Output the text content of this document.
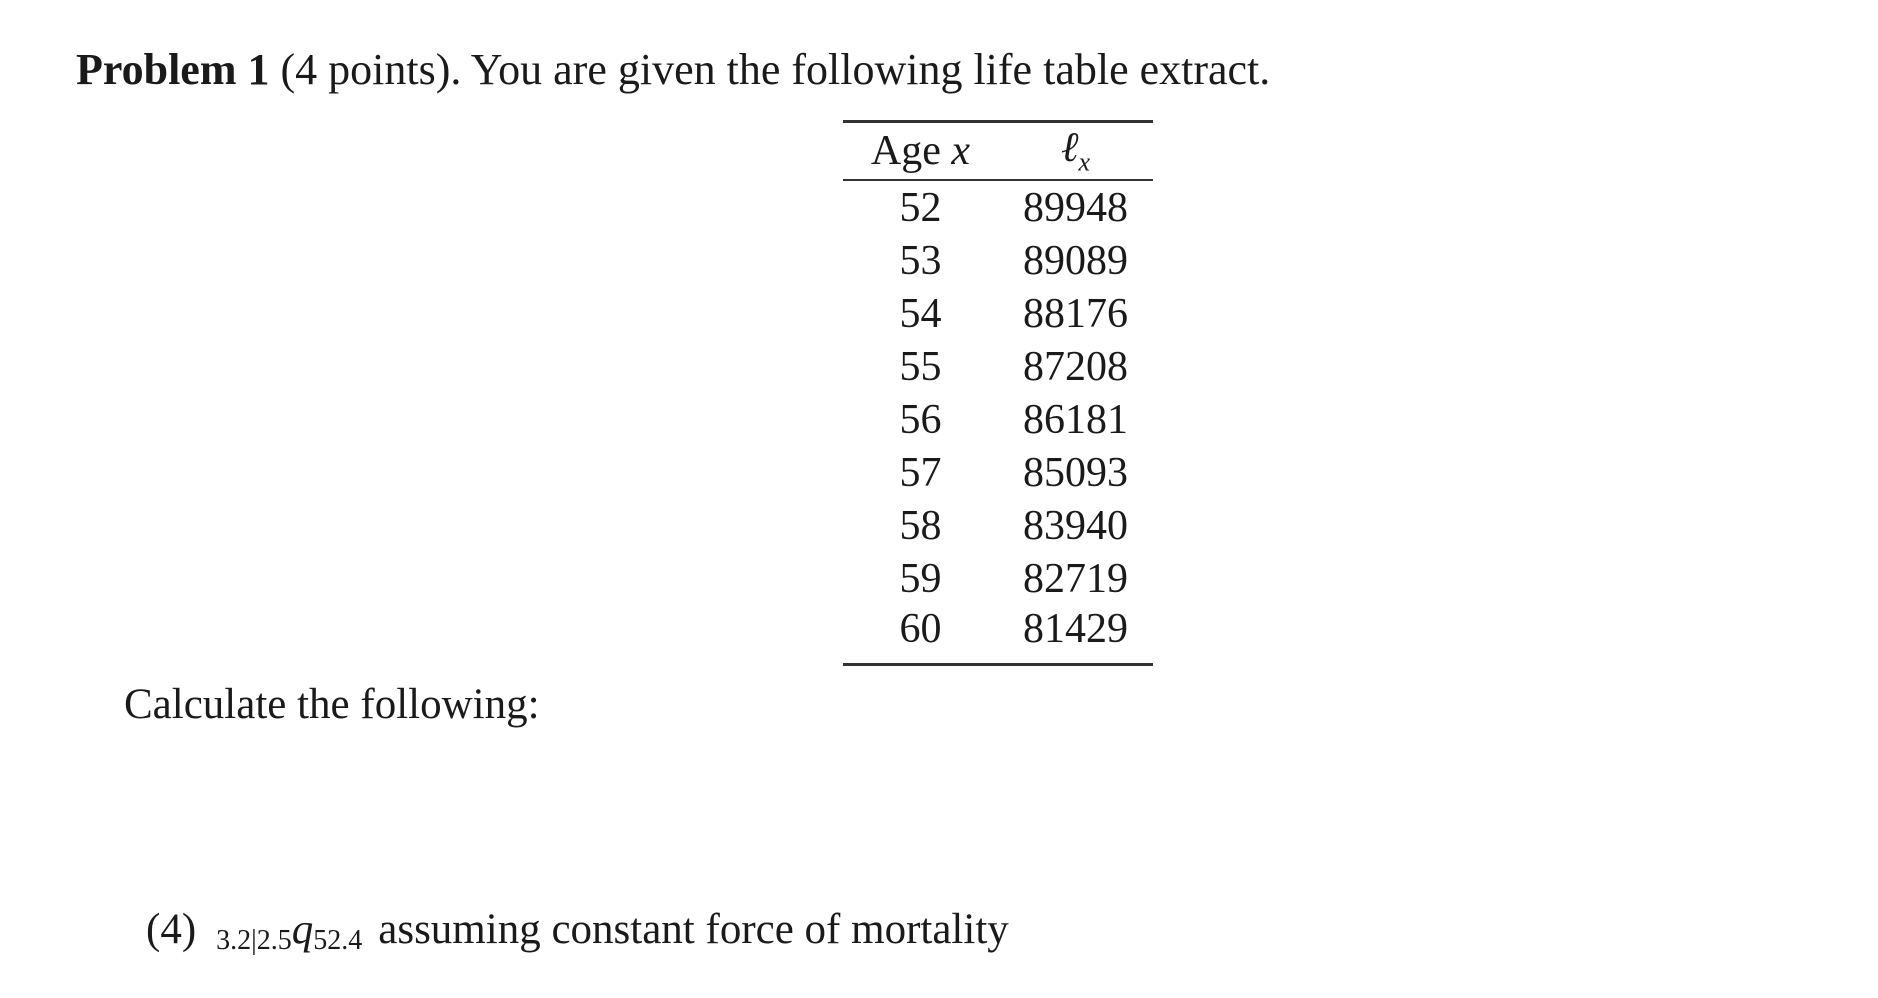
Problem 1 (4 points). You are given the following life table extract.
Age x	ℓ$_x$
52	89948
53	89089
54	88176
55	87208
56	86181
57	85093
58	83940
59	82719
60	81429
Calculate the following:
(4) 3.2|2.5q52.4 assuming constant force of mortality
